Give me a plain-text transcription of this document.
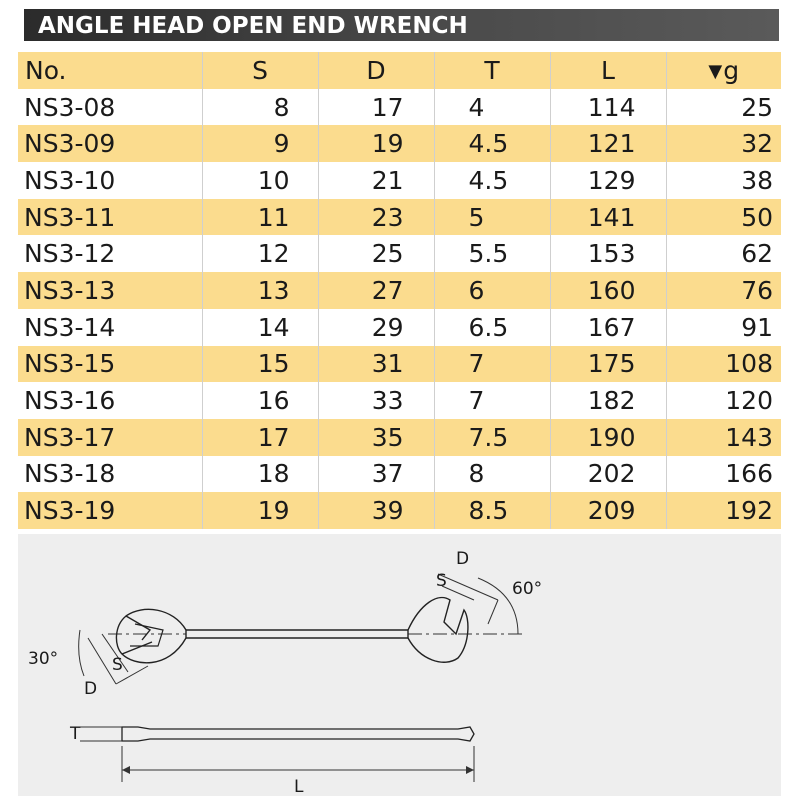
ANGLE HEAD OPEN END WRENCH
No.	S	D	T	L	▼g
NS3-08	8	17	4	114	25
NS3-09	9	19	4.5	121	32
NS3-10	10	21	4.5	129	38
NS3-11	11	23	5	141	50
NS3-12	12	25	5.5	153	62
NS3-13	13	27	6	160	76
NS3-14	14	29	6.5	167	91
NS3-15	15	31	7	175	108
NS3-16	16	33	7	182	120
NS3-17	17	35	7.5	190	143
NS3-18	18	37	8	202	166
NS3-19	19	39	8.5	209	192
30°
60°
S
D
S
D
T
L
